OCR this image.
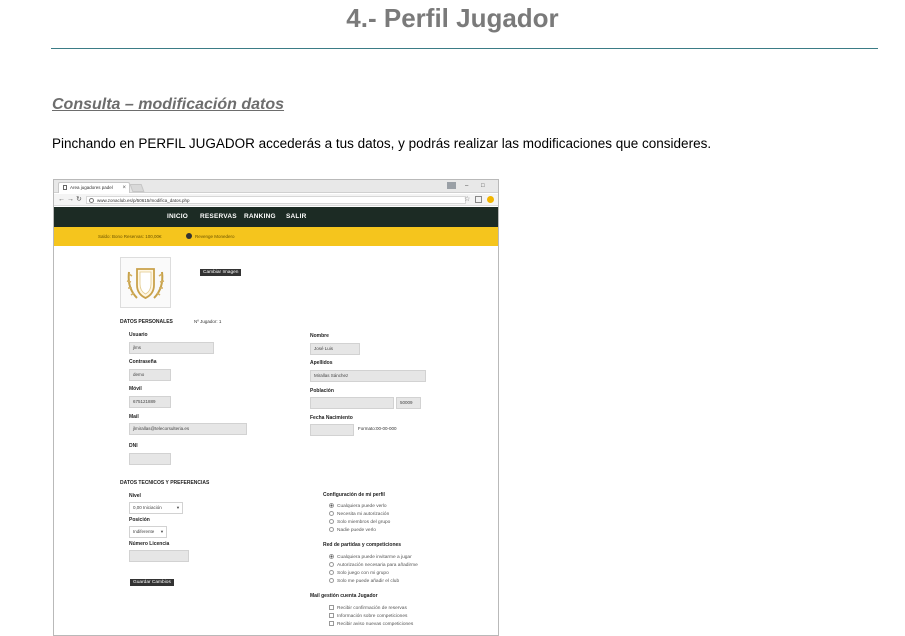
4.- Perfil Jugador
Consulta – modificación datos
Pinchando en PERFIL JUGADOR accederás a tus datos, y podrás realizar las modificaciones que consideres.
Area jugadores padel ×	– □
← → ↻	www.zonaclub.es/p/50615/modifica_datos.php	☆
INICIO RESERVAS RANKING SALIR
Saldo: Bono Reservas: 100,00€	Revenge Monedero
Cambiar Imagen
DATOS PERSONALES	Nº Jugador: 1
Usuario
jlms
Contraseña
demo
Móvil
675121889
Mail
jlmirallas@telecorsulteria.es
DNI
Nombre
José Luis
Apellidos
Mirallas Sánchez
Población
50009
Fecha Nacimiento
Formato:00-00-000
DATOS TECNICOS Y PREFERENCIAS
Nivel
0,00 Iniciación	▼
Posición
Indiferente ▼
Número Licencia
Guardar Cambios
Configuración de mi perfil
Cualquiera puede verlo
Necesita mi autorización
Solo miembros del grupo
Nadie puede verlo
Red de partidas y competiciones
Cualquiera puede invitarme a jugar
Autorización necesaria para añadirme
Solo juego con mi grupo
Solo me puede añadir el club
Mail gestión cuenta Jugador
Recibir confirmación de reservas
Información sobre competiciones
Recibir aviso nuevas competiciones
